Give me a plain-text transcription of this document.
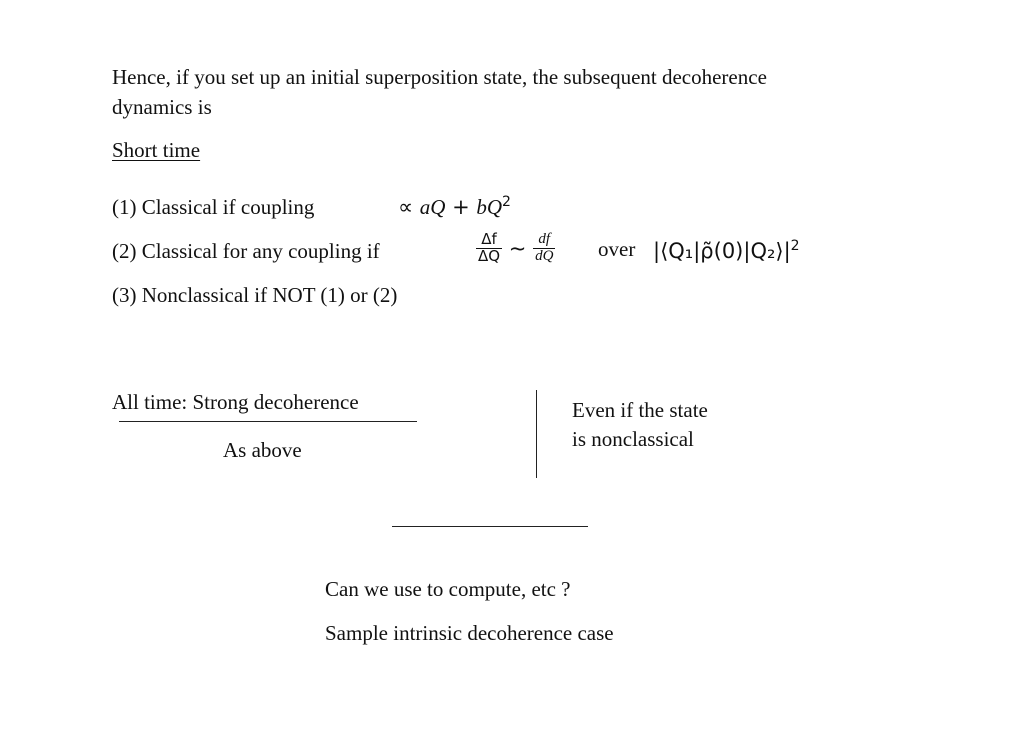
Hence, if you set up an initial superposition state, the subsequent decoherence
dynamics is
Short time
(1) Classical if coupling	∝ aQ + $bQ^2$
(2) Classical for any coupling if	$\frac{\Delta f}{\Delta Q}$ ∼ $\frac{df}{dQ}$ over $|⟨Q_1|\rhõ(0)|Q_2⟩|^2$
(3) Nonclassical if NOT (1) or (2)
All time: Strong decoherence
As above
Even if the state
is nonclassical
Can we use to compute, etc ?
Sample intrinsic decoherence case
